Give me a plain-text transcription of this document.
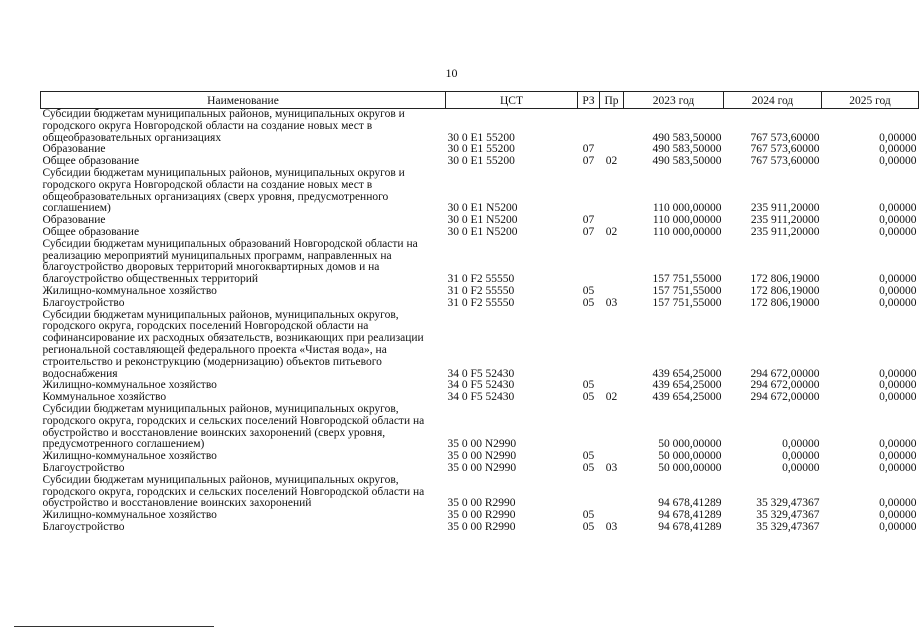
10
Наименование	ЦСТ	РЗ	Пр	2023 год	2024 год	2025 год
Субсидии бюджетам муниципальных районов, муниципальных округов и городского округа Новгородской области на создание новых мест в общеобразовательных организациях	30 0 E1 55200			490 583,50000	767 573,60000	0,00000
Образование	30 0 E1 55200	07		490 583,50000	767 573,60000	0,00000
Общее образование	30 0 E1 55200	07	02	490 583,50000	767 573,60000	0,00000
Субсидии бюджетам муниципальных районов, муниципальных округов и городского округа Новгородской области на создание новых мест в общеобразовательных организациях (сверх уровня, предусмотренного соглашением)	30 0 E1 N5200			110 000,00000	235 911,20000	0,00000
Образование	30 0 E1 N5200	07		110 000,00000	235 911,20000	0,00000
Общее образование	30 0 E1 N5200	07	02	110 000,00000	235 911,20000	0,00000
Субсидии бюджетам муниципальных образований Новгородской области на реализацию мероприятий муниципальных программ, направленных на благоустройство дворовых территорий многоквартирных домов и на благоустройство общественных территорий	31 0 F2 55550			157 751,55000	172 806,19000	0,00000
Жилищно-коммунальное хозяйство	31 0 F2 55550	05		157 751,55000	172 806,19000	0,00000
Благоустройство	31 0 F2 55550	05	03	157 751,55000	172 806,19000	0,00000
Субсидии бюджетам муниципальных районов, муниципальных округов, городского округа, городских поселений Новгородской области на софинансирование их расходных обязательств, возникающих при реализации региональной составляющей федерального проекта «Чистая вода», на строительство и реконструкцию (модернизацию) объектов питьевого водоснабжения	34 0 F5 52430			439 654,25000	294 672,00000	0,00000
Жилищно-коммунальное хозяйство	34 0 F5 52430	05		439 654,25000	294 672,00000	0,00000
Коммунальное хозяйство	34 0 F5 52430	05	02	439 654,25000	294 672,00000	0,00000
Субсидии бюджетам муниципальных районов, муниципальных округов, городского округа, городских и сельских поселений Новгородской области на обустройство и восстановление воинских захоронений (сверх уровня, предусмотренного соглашением)	35 0 00 N2990			50 000,00000	0,00000	0,00000
Жилищно-коммунальное хозяйство	35 0 00 N2990	05		50 000,00000	0,00000	0,00000
Благоустройство	35 0 00 N2990	05	03	50 000,00000	0,00000	0,00000
Субсидии бюджетам муниципальных районов, муниципальных округов, городского округа, городских и сельских поселений Новгородской области на обустройство и восстановление воинских захоронений	35 0 00 R2990			94 678,41289	35 329,47367	0,00000
Жилищно-коммунальное хозяйство	35 0 00 R2990	05		94 678,41289	35 329,47367	0,00000
Благоустройство	35 0 00 R2990	05	03	94 678,41289	35 329,47367	0,00000
